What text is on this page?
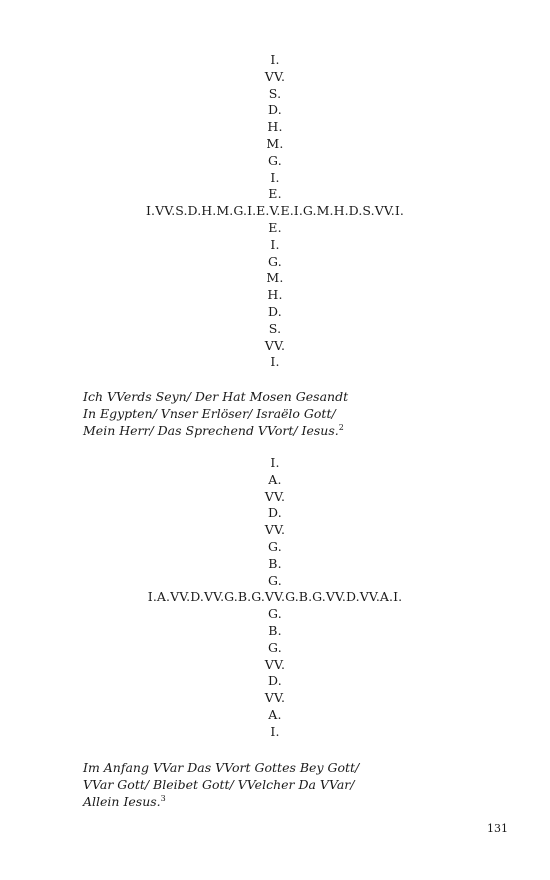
I.
VV.
S.
D.
H.
M.
G.
I.
E.
I.VV.S.D.H.M.G.I.E.V.E.I.G.M.H.D.S.VV.I.
E.
I.
G.
M.
H.
D.
S.
VV.
I.
Ich VVerds Seyn/ Der Hat Mosen Gesandt
In Egypten/ Vnser Erlöser/ Israëlo Gott/
Mein Herr/ Das Sprechend VVort/ Iesus.$^2$
I.
A.
VV.
D.
VV.
G.
B.
G.
I.A.VV.D.VV.G.B.G.VV.G.B.G.VV.D.VV.A.I.
G.
B.
G.
VV.
D.
VV.
A.
I.
Im Anfang VVar Das VVort Gottes Bey Gott/
VVar Gott/ Bleibet Gott/ VVelcher Da VVar/
Allein Iesus.$^3$
131
